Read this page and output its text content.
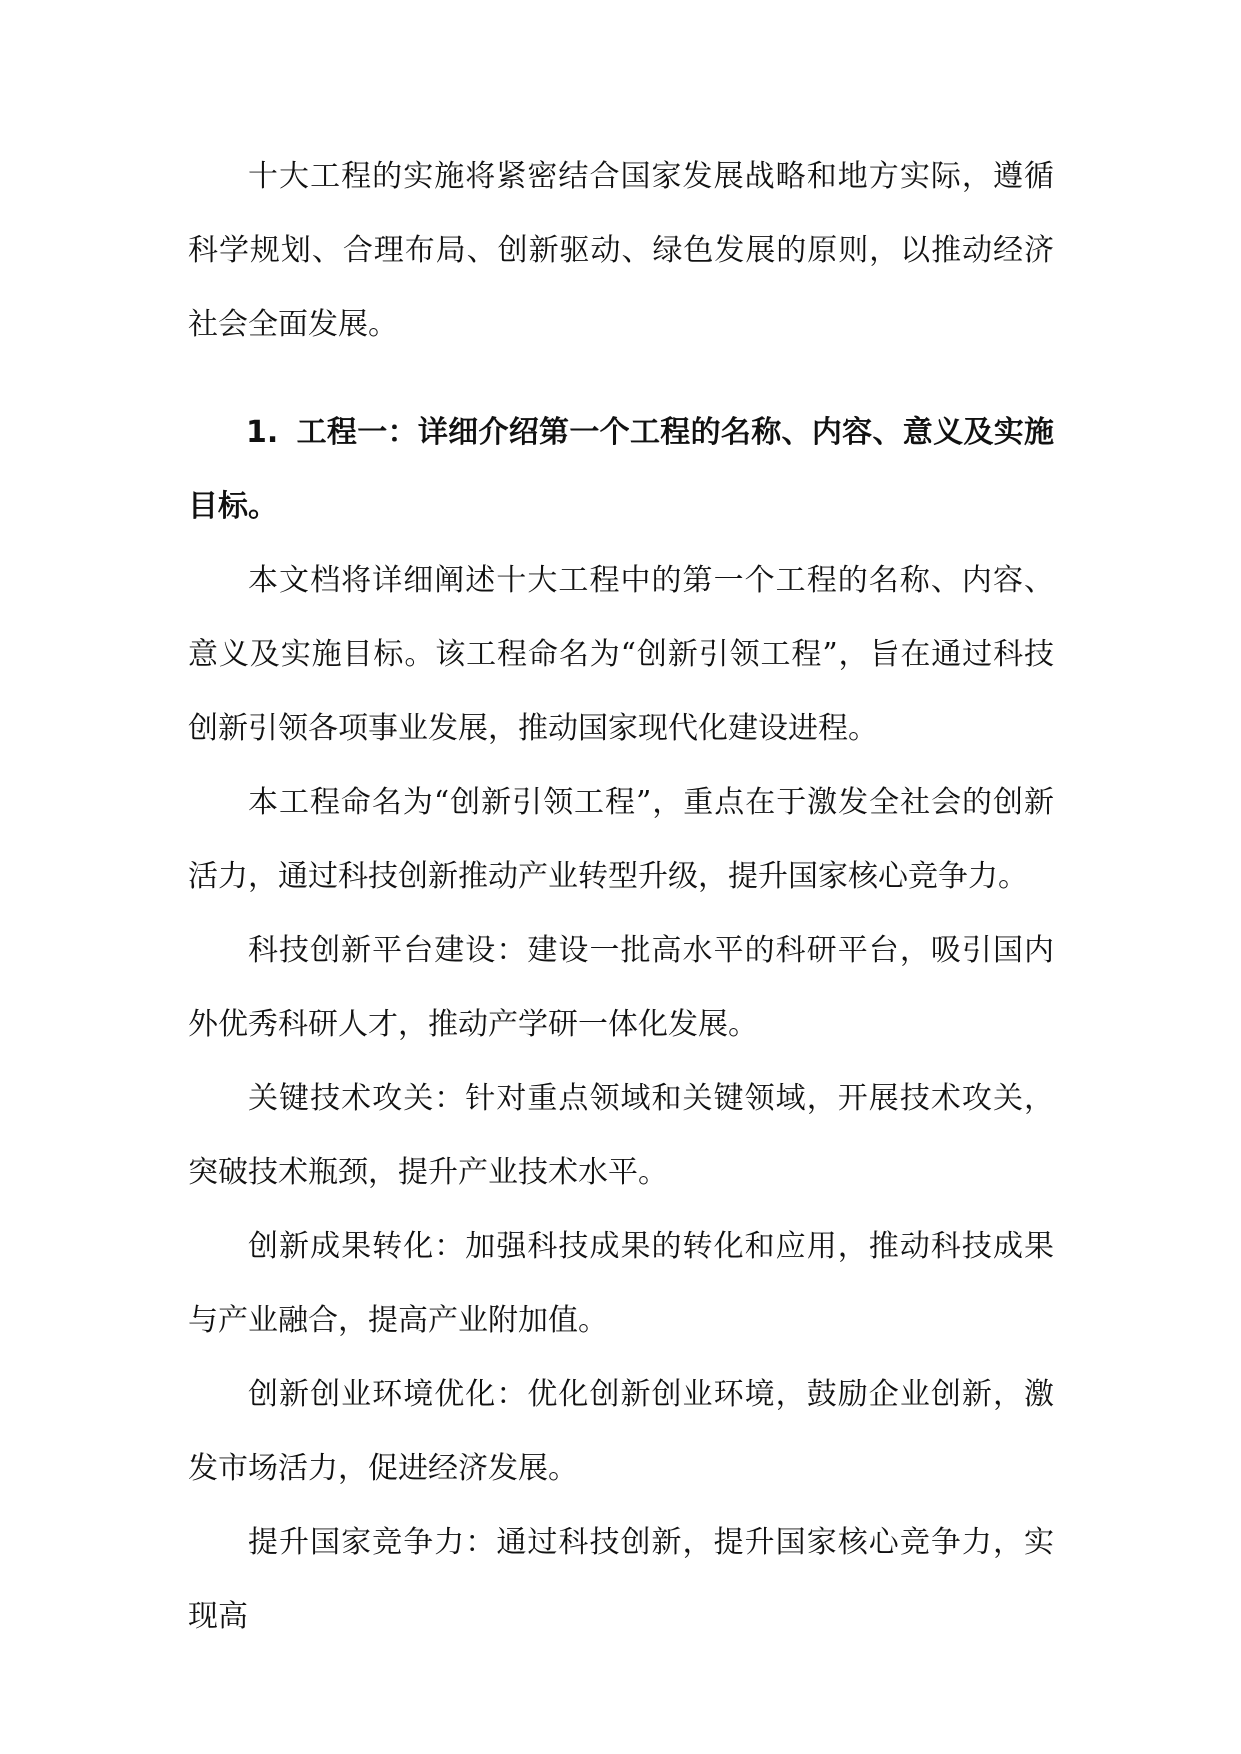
十大工程的实施将紧密结合国家发展战略和地方实际，遵循科学规划、合理布局、创新驱动、绿色发展的原则，以推动经济社会全面发展。

1. 工程一：详细介绍第一个工程的名称、内容、意义及实施目标。

本文档将详细阐述十大工程中的第一个工程的名称、内容、意义及实施目标。该工程命名为“创新引领工程”，旨在通过科技创新引领各项事业发展，推动国家现代化建设进程。

本工程命名为“创新引领工程”，重点在于激发全社会的创新活力，通过科技创新推动产业转型升级，提升国家核心竞争力。

科技创新平台建设：建设一批高水平的科研平台，吸引国内外优秀科研人才，推动产学研一体化发展。

关键技术攻关：针对重点领域和关键领域，开展技术攻关，突破技术瓶颈，提升产业技术水平。

创新成果转化：加强科技成果的转化和应用，推动科技成果与产业融合，提高产业附加值。

创新创业环境优化：优化创新创业环境，鼓励企业创新，激发市场活力，促进经济发展。

提升国家竞争力：通过科技创新，提升国家核心竞争力，实现高
